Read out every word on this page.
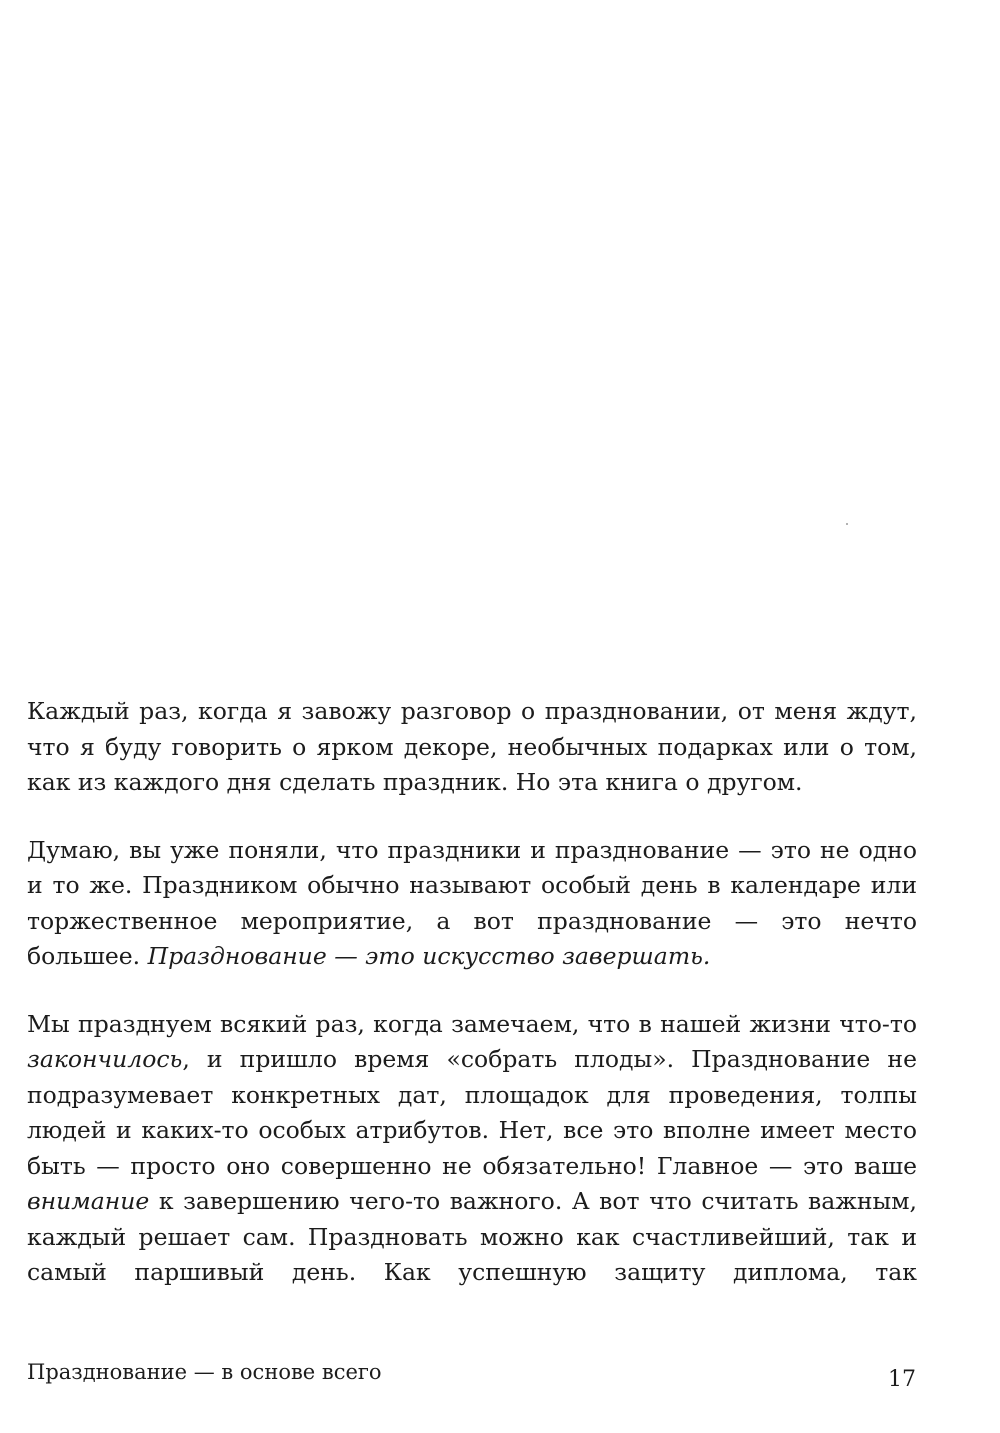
Каждый раз, когда я завожу разговор о праздновании, от меня ждут, что я буду говорить о ярком декоре, необычных подарках или о том, как из каждого дня сделать праздник. Но эта книга о другом.

Думаю, вы уже поняли, что праздники и празднование — это не одно и то же. Праздником обычно называют особый день в календаре или торжественное мероприятие, а вот празднование — это нечто большее. Празднование — это искусство завершать.

Мы празднуем всякий раз, когда замечаем, что в нашей жизни что-то закончилось, и пришло время «собрать плоды». Празднование не подразумевает конкретных дат, площадок для проведения, толпы людей и каких-то особых атрибутов. Нет, все это вполне имеет место быть — просто оно совершенно не обязательно! Главное — это ваше внимание к завершению чего-то важного. А вот что считать важным, каждый решает сам. Праздновать можно как счастливейший, так и самый паршивый день. Как успешную защиту диплома, так

Празднование — в основе всего	17
